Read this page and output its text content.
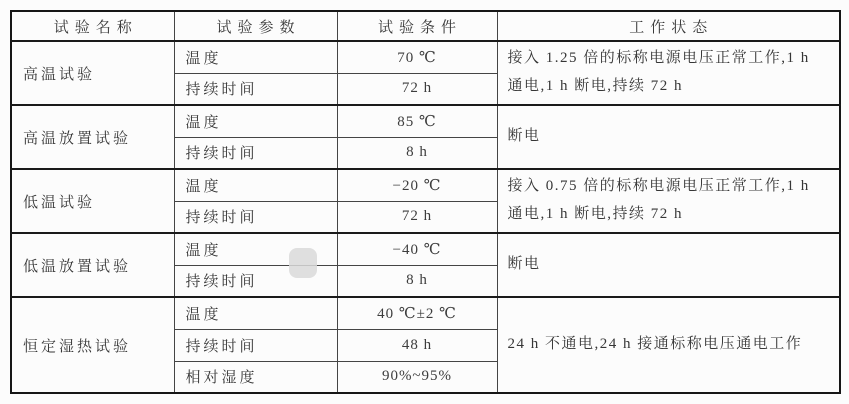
试验名称	试验参数	试验条件	工作状态
高温试验	温度	70 ℃	接入 1.25 倍的标称电源电压正常工作,1 h 通电,1 h 断电,持续 72 h
	持续时间	72 h	
高温放置试验	温度	85 ℃	断电
	持续时间	8 h	
低温试验	温度	−20 ℃	接入 0.75 倍的标称电源电压正常工作,1 h 通电,1 h 断电,持续 72 h
	持续时间	72 h	
低温放置试验	温度	−40 ℃	断电
	持续时间	8 h	
恒定湿热试验	温度	40 ℃±2 ℃	24 h 不通电,24 h 接通标称电压通电工作
	持续时间	48 h	
	相对湿度	90%~95%	
